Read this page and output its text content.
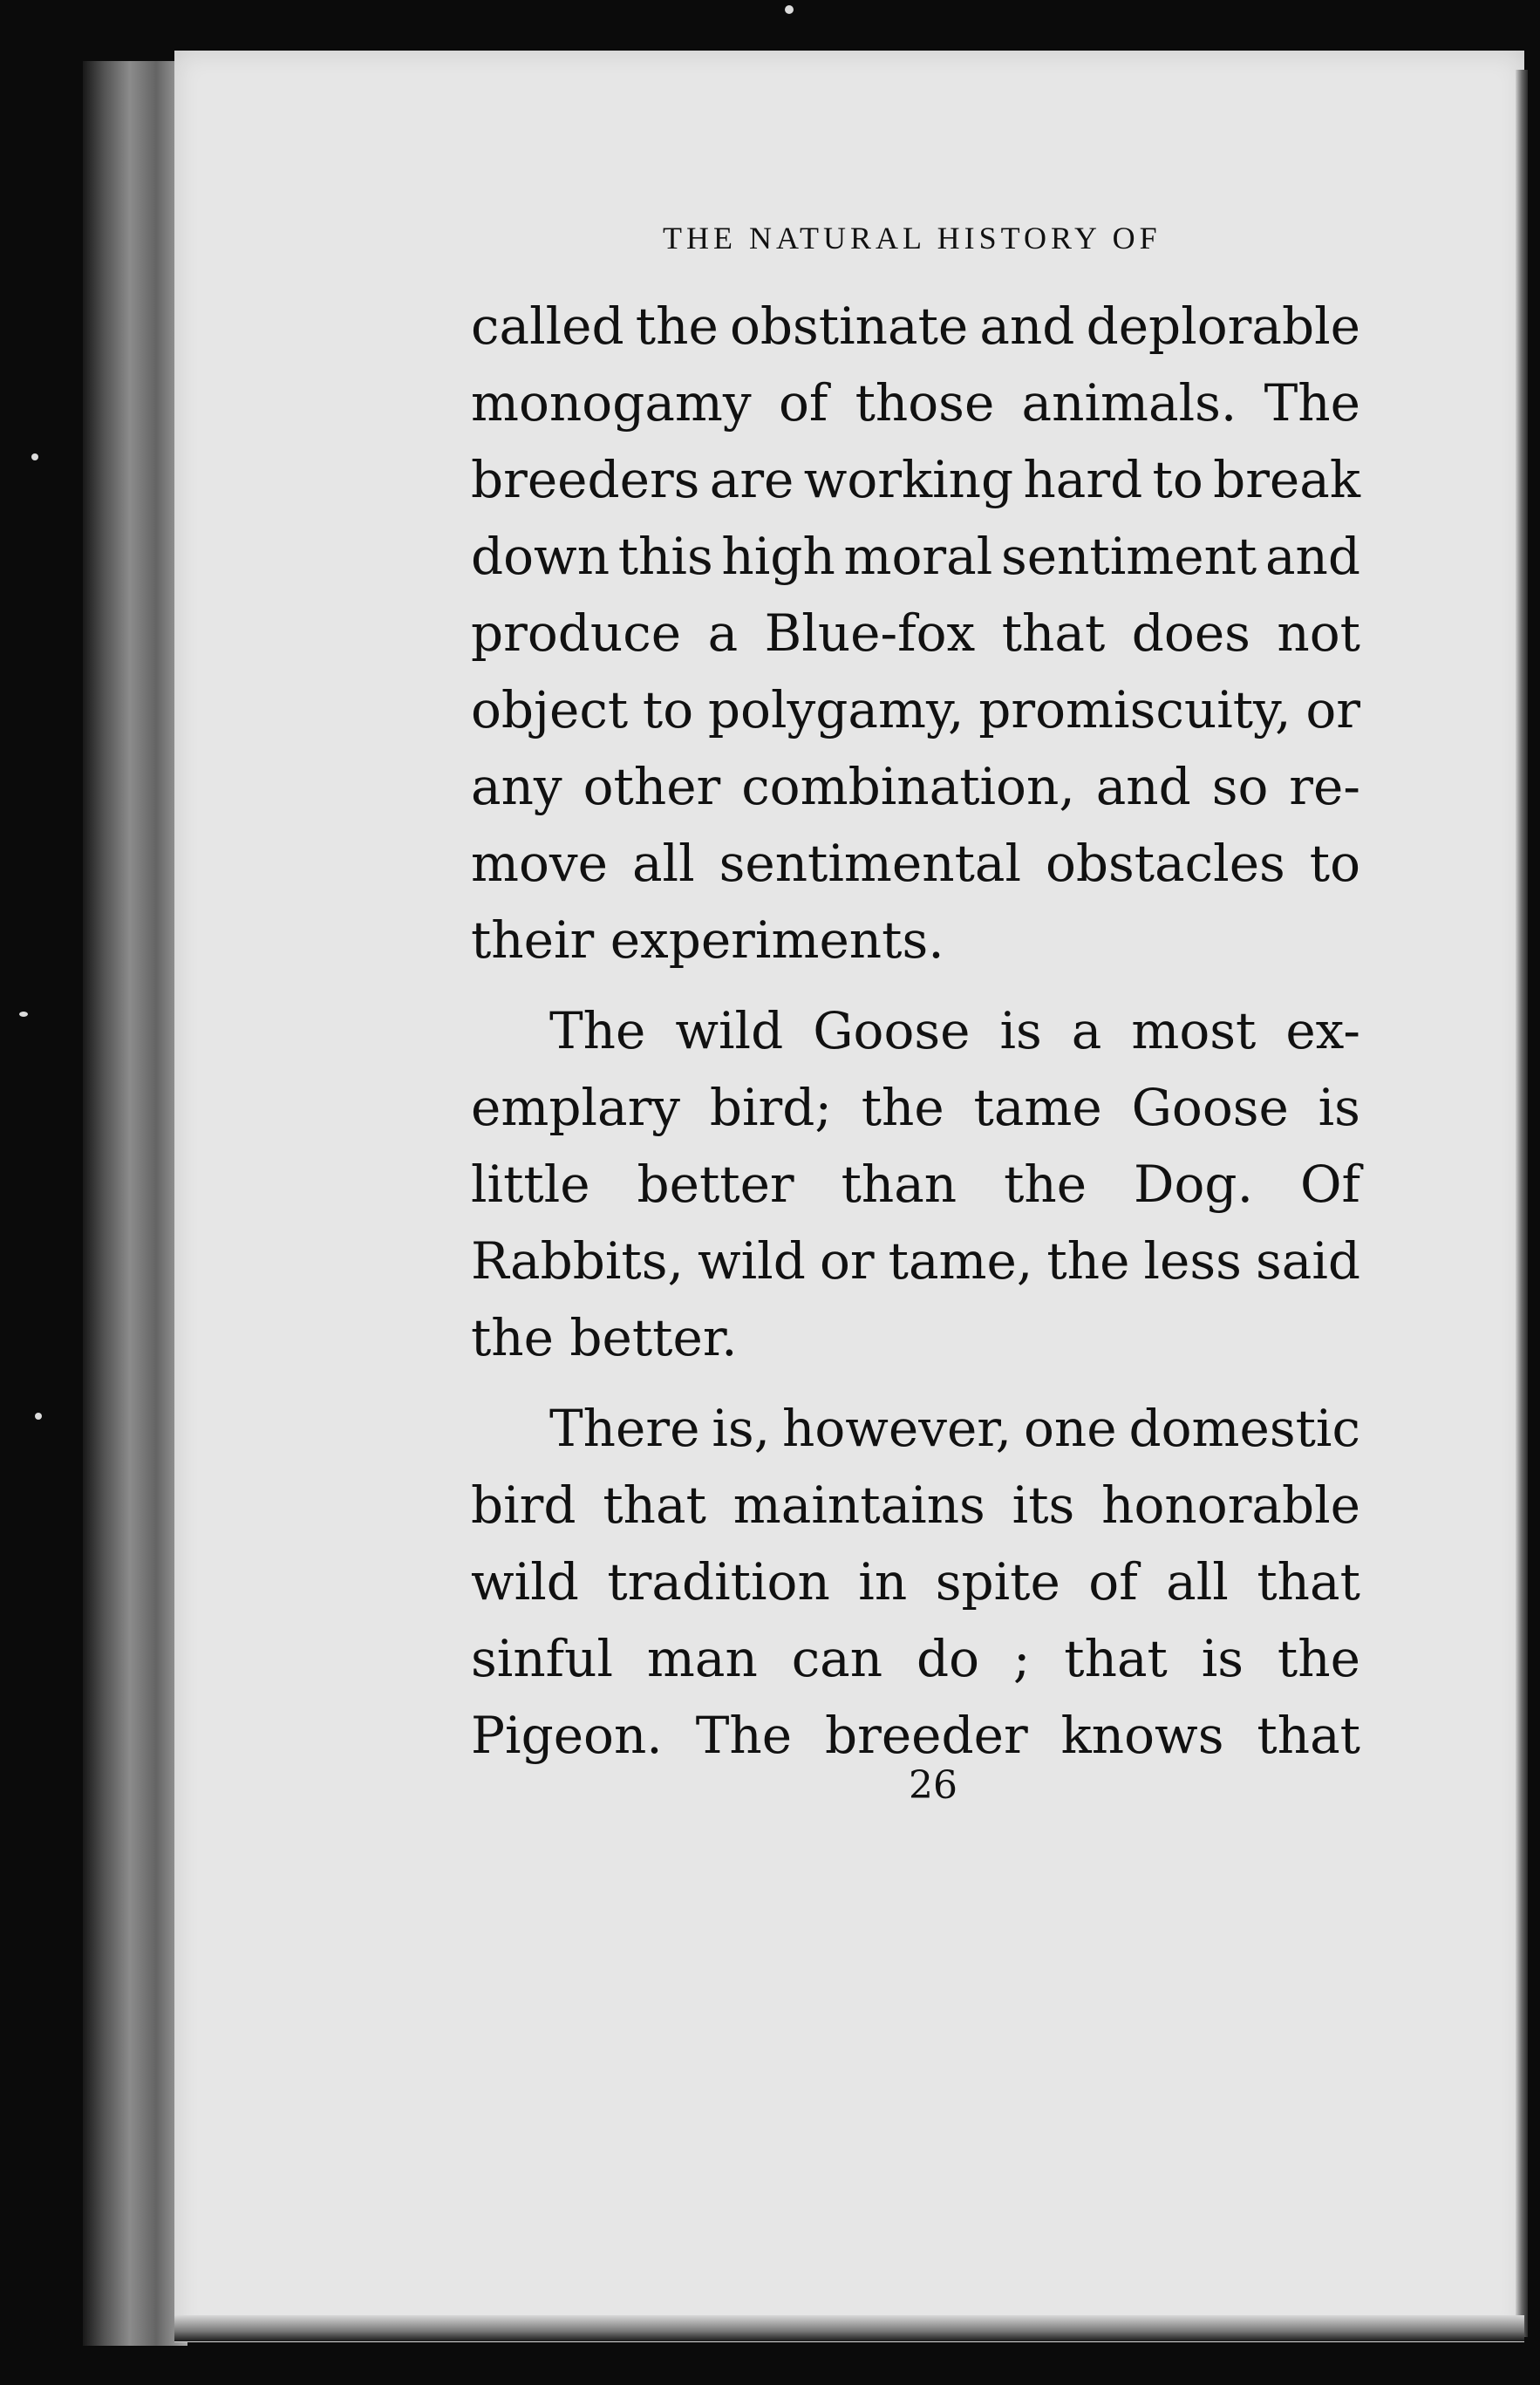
THE NATURAL HISTORY OF
called the obstinate and deplorable
monogamy of those animals. The
breeders are working hard to break
down this high moral sentiment and
produce a Blue-fox that does not
object to polygamy, promiscuity, or
any other combination, and so re-
move all sentimental obstacles to
their experiments.
The wild Goose is a most ex-
emplary bird; the tame Goose is
little better than the Dog. Of
Rabbits, wild or tame, the less said
the better.
There is, however, one domestic
bird that maintains its honorable
wild tradition in spite of all that
sinful man can do ; that is the
Pigeon. The breeder knows that
26
